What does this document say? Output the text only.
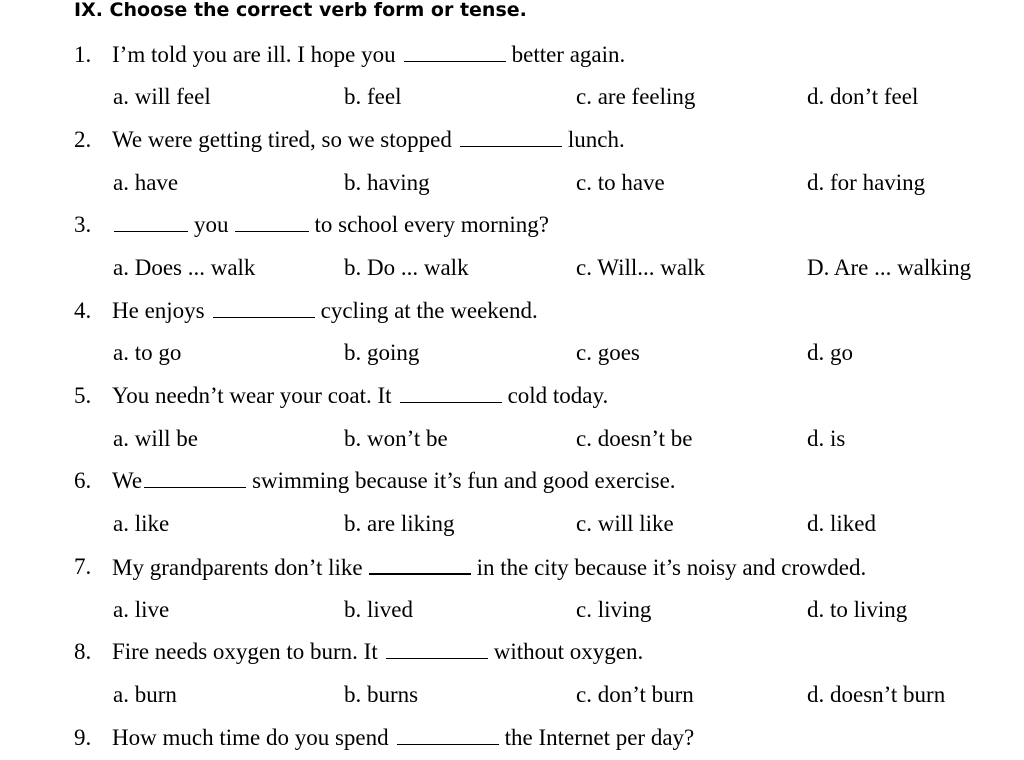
IX. Choose the correct verb form or tense.
1. I’m told you are ill. I hope you	better again.
a. will feel	b. feel	c. are feeling	d. don’t feel
2. We were getting tired, so we stopped	lunch.
a. have	b. having	c. to have	d. for having
3.	you	to school every morning?
a. Does ... walk	b. Do ... walk	c. Will... walk	D. Are ... walking
4. He enjoys	cycling at the weekend.
a. to go	b. going	c. goes	d. go
5. You needn’t wear your coat. It	cold today.
a. will be	b. won’t be	c. doesn’t be	d. is
6. We	swimming because it’s fun and good exercise.
a. like	b. are liking	c. will like	d. liked
7. My grandparents don’t like	in the city because it’s noisy and crowded.
a. live	b. lived	c. living	d. to living
8. Fire needs oxygen to burn. It	without oxygen.
a. burn	b. burns	c. don’t burn	d. doesn’t burn
9. How much time do you spend	the Internet per day?
